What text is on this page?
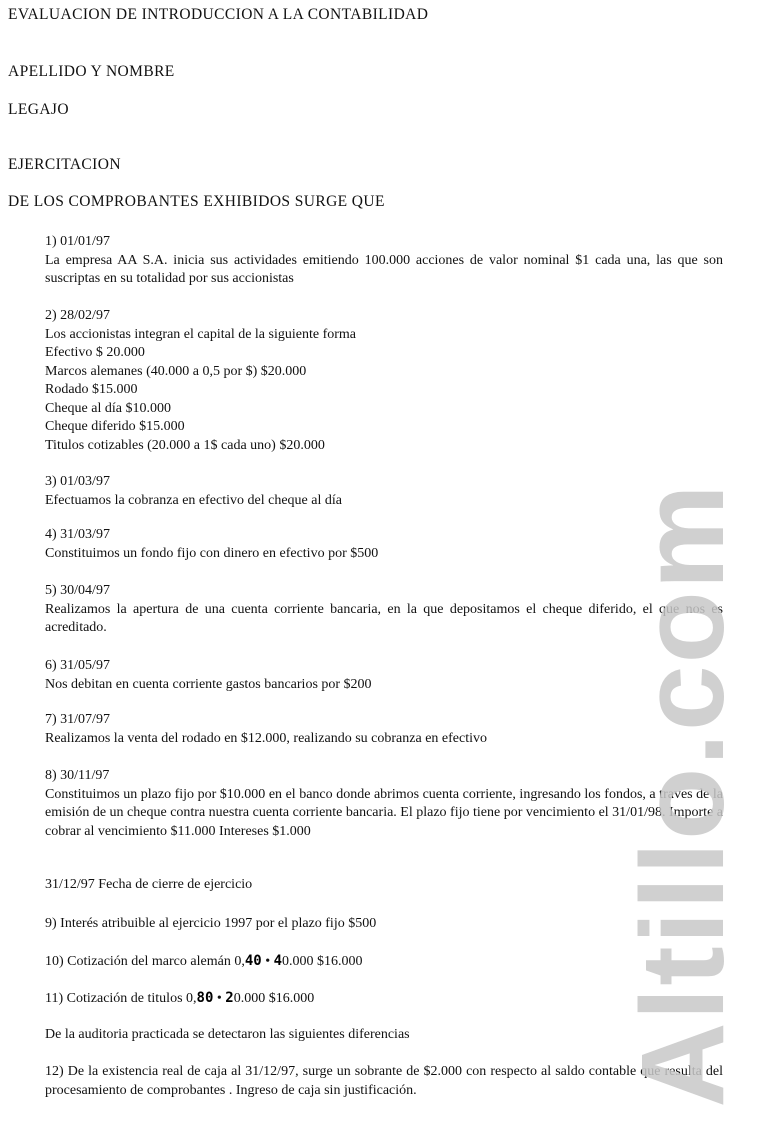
EVALUACION DE INTRODUCCION A LA CONTABILIDAD
APELLIDO Y NOMBRE
LEGAJO
EJERCITACION
DE LOS COMPROBANTES EXHIBIDOS SURGE QUE
1) 01/01/97

La empresa AA S.A. inicia sus actividades emitiendo 100.000 acciones de valor nominal $1 cada una, las que son suscriptas en su totalidad por sus accionistas

2) 28/02/97
Los accionistas integran el capital de la siguiente forma
Efectivo $ 20.000
Marcos alemanes (40.000 a 0,5 por $) $20.000
Rodado $15.000
Cheque al día $10.000
Cheque diferido $15.000
Titulos cotizables (20.000 a 1$ cada uno) $20.000
3) 01/03/97

Efectuamos la cobranza en efectivo del cheque al día

4) 31/03/97

Constituimos un fondo fijo con dinero en efectivo por $500

5) 30/04/97

Realizamos la apertura de una cuenta corriente bancaria, en la que depositamos el cheque diferido, el que nos es acreditado.

6) 31/05/97

Nos debitan en cuenta corriente gastos bancarios por $200

7) 31/07/97

Realizamos la venta del rodado en $12.000, realizando su cobranza en efectivo

8) 30/11/97

Constituimos un plazo fijo por $10.000 en el banco donde abrimos cuenta corriente, ingresando los fondos, a traves de la emisión de un cheque contra nuestra cuenta corriente bancaria. El plazo fijo tiene por vencimiento el 31/01/98. Importe a cobrar al vencimiento $11.000 Intereses $1.000

31/12/97 Fecha de cierre de ejercicio
9) Interés atribuible al ejercicio 1997 por el plazo fijo $500
10) Cotización del marco alemán 0,40 • 40.000 $16.000
11) Cotización de titulos 0,80 • 20.000 $16.000
De la auditoria practicada se detectaron las siguientes diferencias

12) De la existencia real de caja al 31/12/97, surge un sobrante de $2.000 con respecto al saldo contable que resulta del procesamiento de comprobantes . Ingreso de caja sin justificación.	Altillo.com
